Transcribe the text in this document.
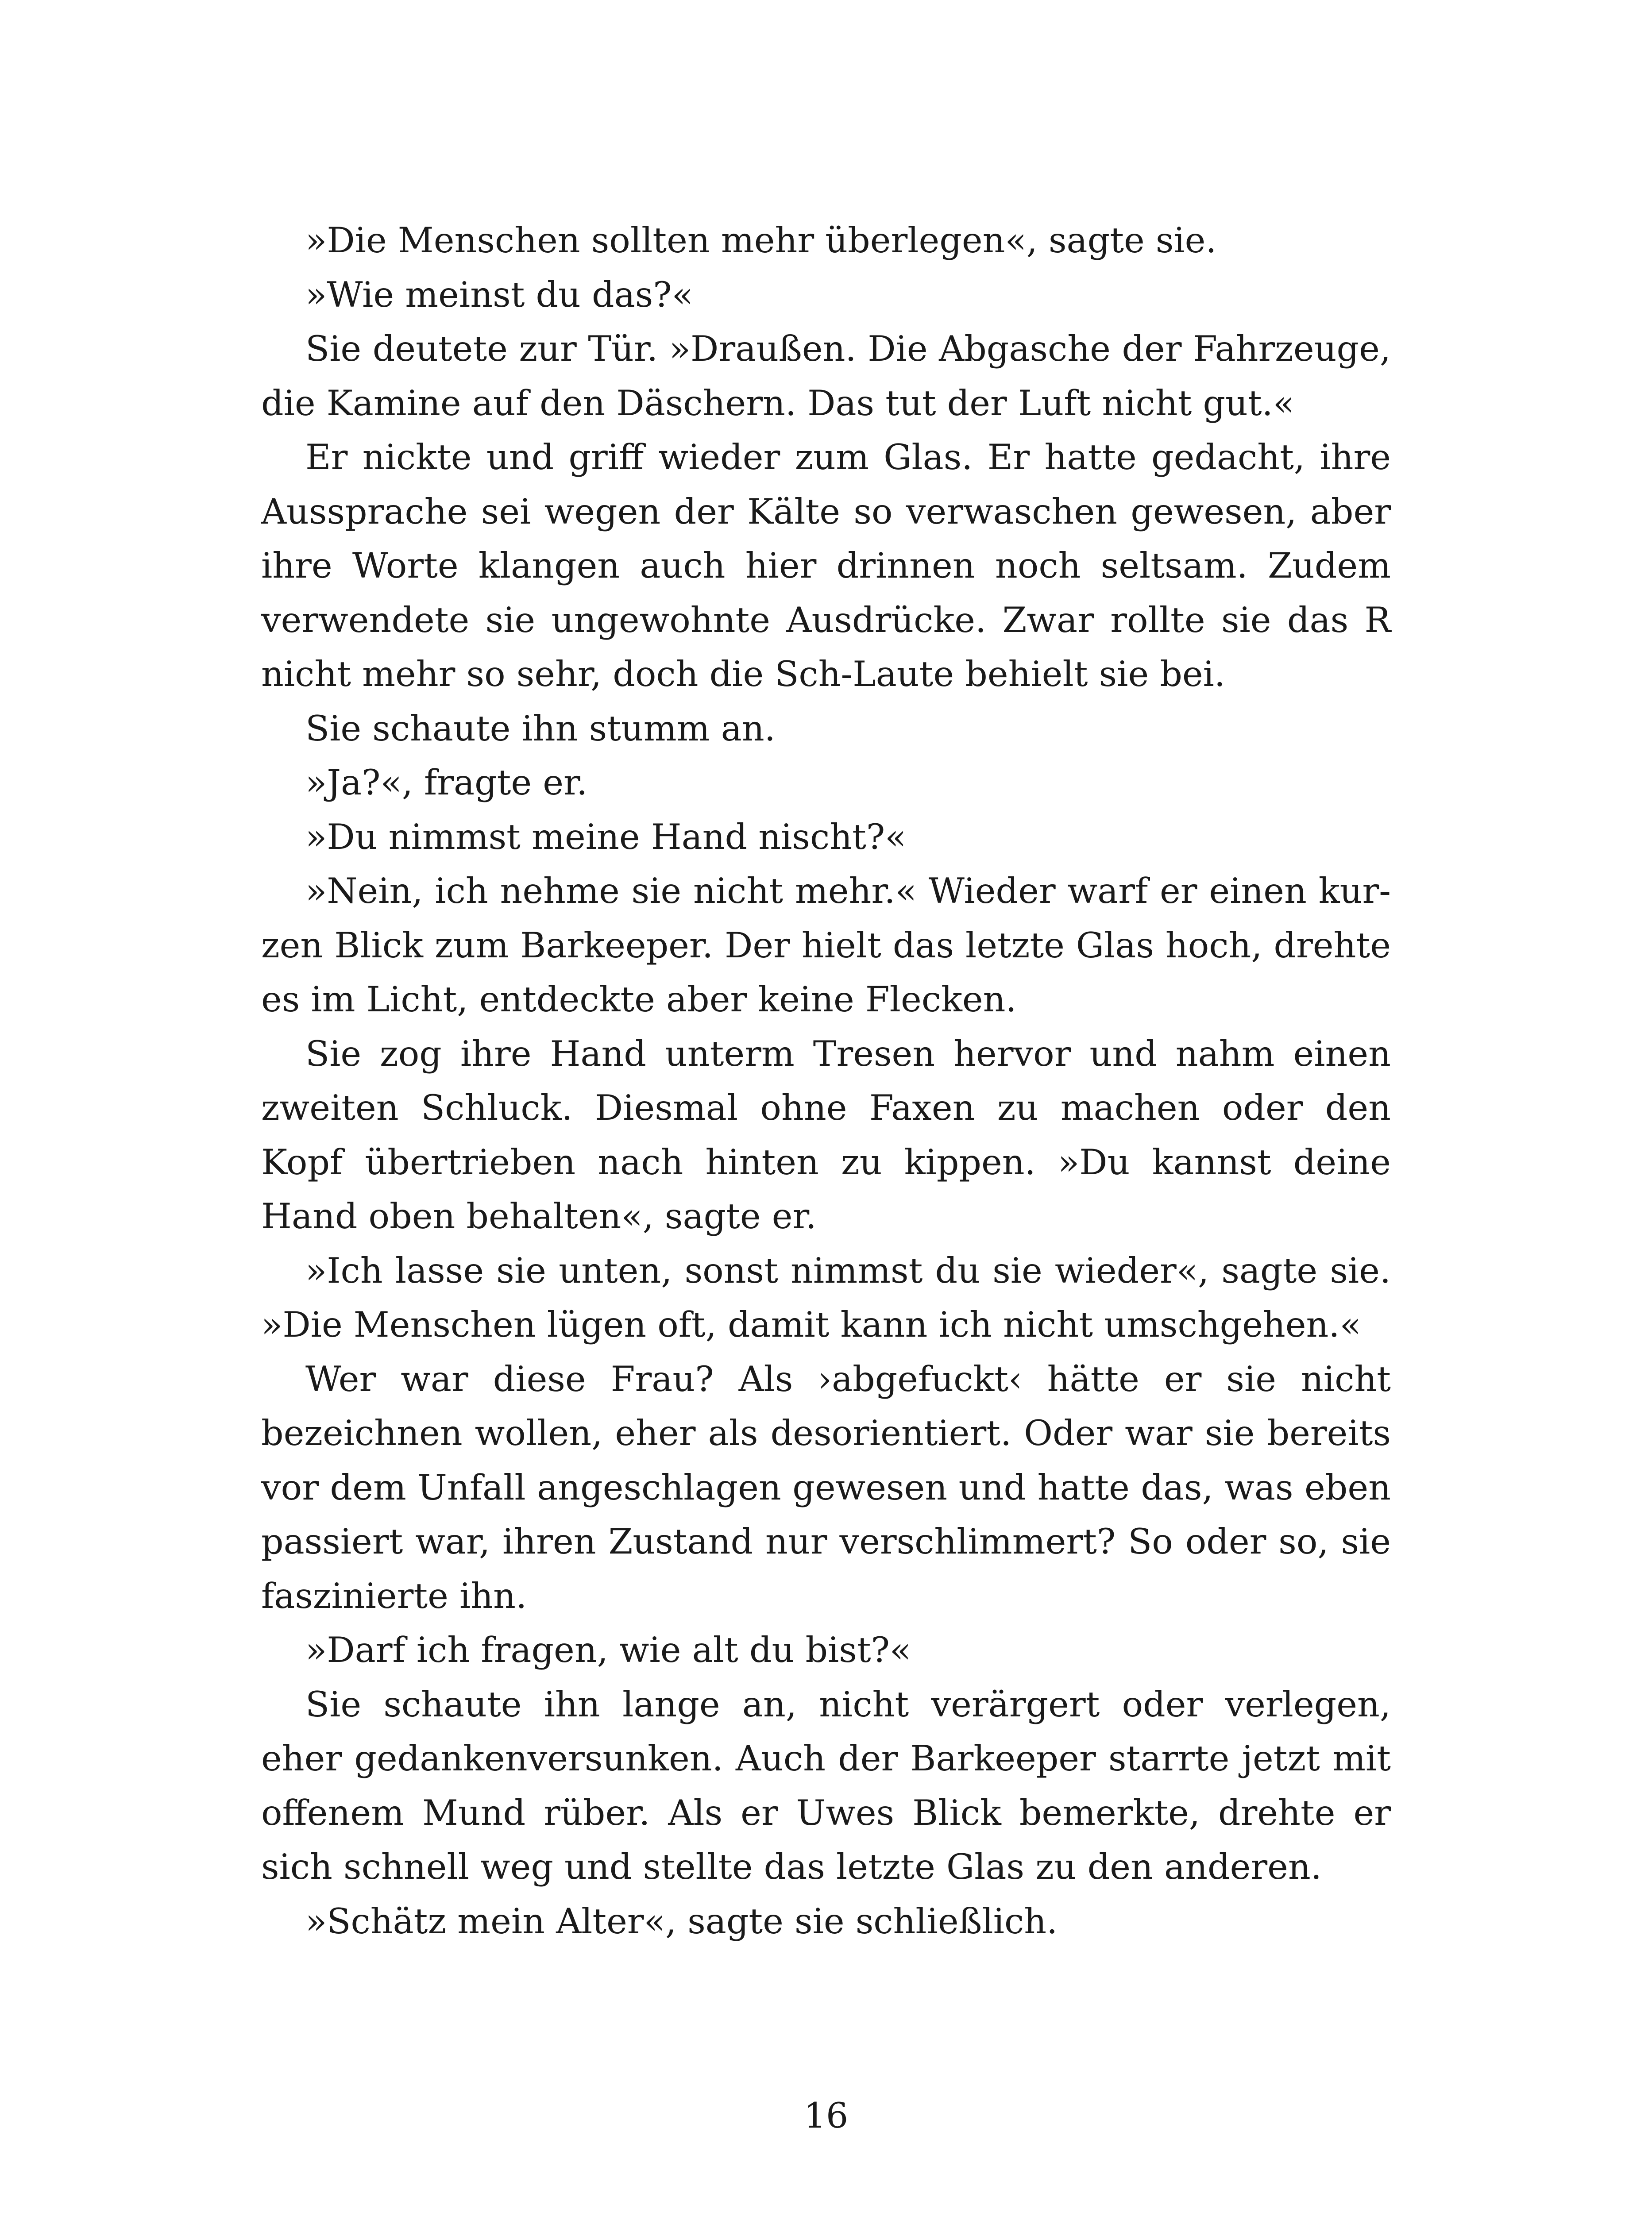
»Die Menschen sollten mehr überlegen«, sagte sie.

»Wie meinst du das?«

Sie deutete zur Tür. »Draußen. Die Abgasche der Fahrzeuge, die Kamine auf den Däschern. Das tut der Luft nicht gut.«

Er nickte und griff wieder zum Glas. Er hatte gedacht, ihre Aussprache sei wegen der Kälte so verwaschen gewesen, aber ihre Worte klangen auch hier drinnen noch seltsam. Zudem verwendete sie ungewohnte Ausdrücke. Zwar rollte sie das R nicht mehr so sehr, doch die Sch-Laute behielt sie bei.

Sie schaute ihn stumm an.

»Ja?«, fragte er.

»Du nimmst meine Hand nischt?«

»Nein, ich nehme sie nicht mehr.« Wieder warf er einen kurzen Blick zum Barkeeper. Der hielt das letzte Glas hoch, drehte es im Licht, entdeckte aber keine Flecken.

Sie zog ihre Hand unterm Tresen hervor und nahm einen zweiten Schluck. Diesmal ohne Faxen zu machen oder den Kopf übertrieben nach hinten zu kippen. »Du kannst deine Hand oben behalten«, sagte er.

»Ich lasse sie unten, sonst nimmst du sie wieder«, sagte sie. »Die Menschen lügen oft, damit kann ich nicht umschgehen.«

Wer war diese Frau? Als ›abgefuckt‹ hätte er sie nicht bezeichnen wollen, eher als desorientiert. Oder war sie bereits vor dem Unfall angeschlagen gewesen und hatte das, was eben passiert war, ihren Zustand nur verschlimmert? So oder so, sie faszinierte ihn.

»Darf ich fragen, wie alt du bist?«

Sie schaute ihn lange an, nicht verärgert oder verlegen, eher gedankenversunken. Auch der Barkeeper starrte jetzt mit offenem Mund rüber. Als er Uwes Blick bemerkte, drehte er sich schnell weg und stellte das letzte Glas zu den anderen.

»Schätz mein Alter«, sagte sie schließlich.

16
